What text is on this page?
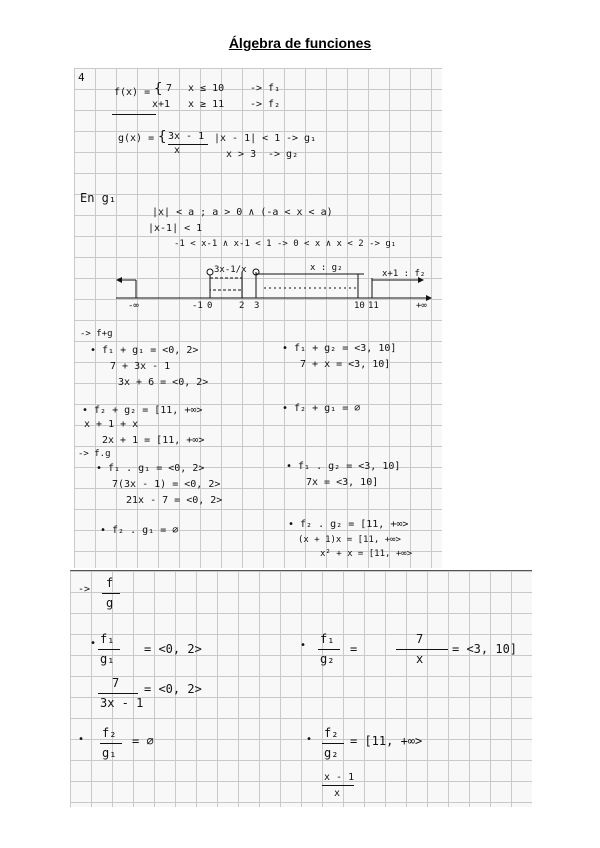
Álgebra de funciones
4
f(x) = { 7 x ≤ 10	-> f₁
x+1 x ≥ 11	-> f₂
g(x) = { 3x - 1
x
|x - 1| < 1 -> g₁
x > 3 -> g₂
En g₁
|x| < a ; a > 0 ∧ (-a < x < a)
|x-1| < 1
-1 < x-1 ∧ x-1 < 1 -> 0 < x ∧ x < 2 -> g₁
3x-1/x	x : g₂
x+1 : f₂
-∞	-1 0	2 3	10 11	+∞
-> f+g
• f₁ + g₁ = <0, 2>
7 + 3x - 1
3x + 6 = <0, 2>
• f₁ + g₂ = <3, 10]
7 + x = <3, 10]
• f₂ + g₂ = [11, +∞>
x + 1 + x
2x + 1 = [11, +∞>
• f₂ + g₁ = ∅
-> f.g
• f₁ . g₁ = <0, 2>
7(3x - 1) = <0, 2>
21x - 7 = <0, 2>
• f₁ . g₂ = <3, 10]
7x = <3, 10]
• f₂ . g₁ = ∅
• f₂ . g₂ = [11, +∞>
(x + 1)x = [11, +∞>
x² + x = [11, +∞>
-> f
g
• f₁
g₁
= <0, 2>
7
3x - 1
= <0, 2>
• f₁
g₂
=
7
x
= <3, 10]
• f₂
g₁
= ∅	• f₂
g₂
= [11, +∞>
x - 1
x
